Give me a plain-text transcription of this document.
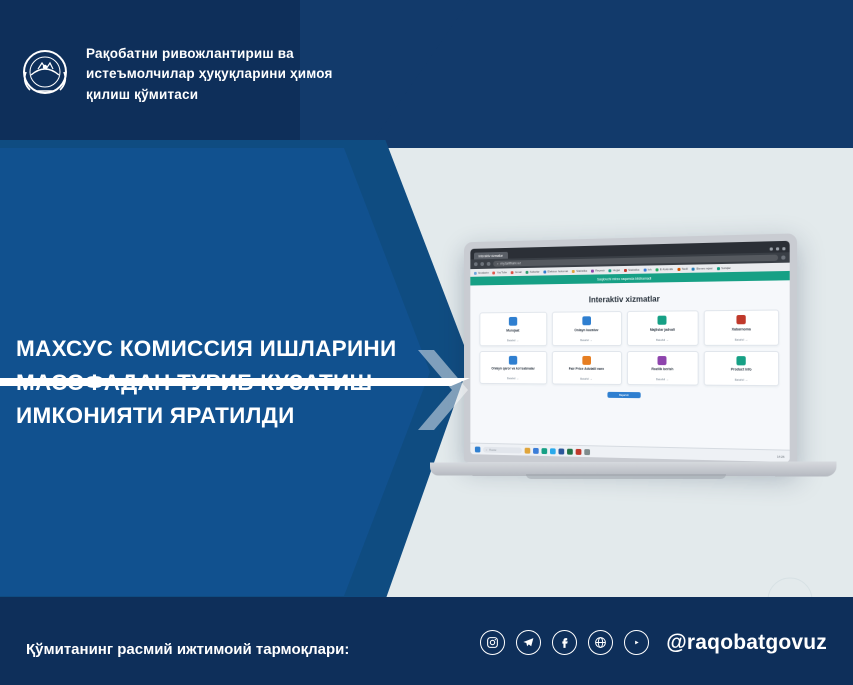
Рақобатни ривожлантириш ва истеъмолчилар ҳуқуқларини ҳимоя қилиш қўмитаси
МАХСУС КОМИССИЯ ИШЛАРИНИ
МАСОФАДАН ТУРИБ КУЗАТИШ
ИМКОНИЯТИ ЯРАТИЛДИ
Interaktiv xizmatlar
⌕ my.tarifnarx.uz
Ilovalarim	YouTube	Gmail	Xabarlar	Elektron hukumat	Statistika	Reyestr	Hujjat	Statistika	Ish	E-Xokimlik	Taxlil	Biznes rejasi	Soliqlar
Saqlovchi mirzo raqamda bildiramadi
Interaktiv xizmatlar
Murojaat
Batafsil →
Onlayn kuzatuv
Batafsil →
Majlislar jadvali
Batafsil →
Xabarnoma
Batafsil →
Onlayn qaror va ko'rsatmalar
Batafsil →
Fair Price Adolatli narx
Batafsil →
Rozilik berish
Batafsil →
Product info
Batafsil →
Bajarish
⌕ Поиск
14:26
Қўмитанинг расмий ижтимоий тармоқлари:	@raqobatgovuz
